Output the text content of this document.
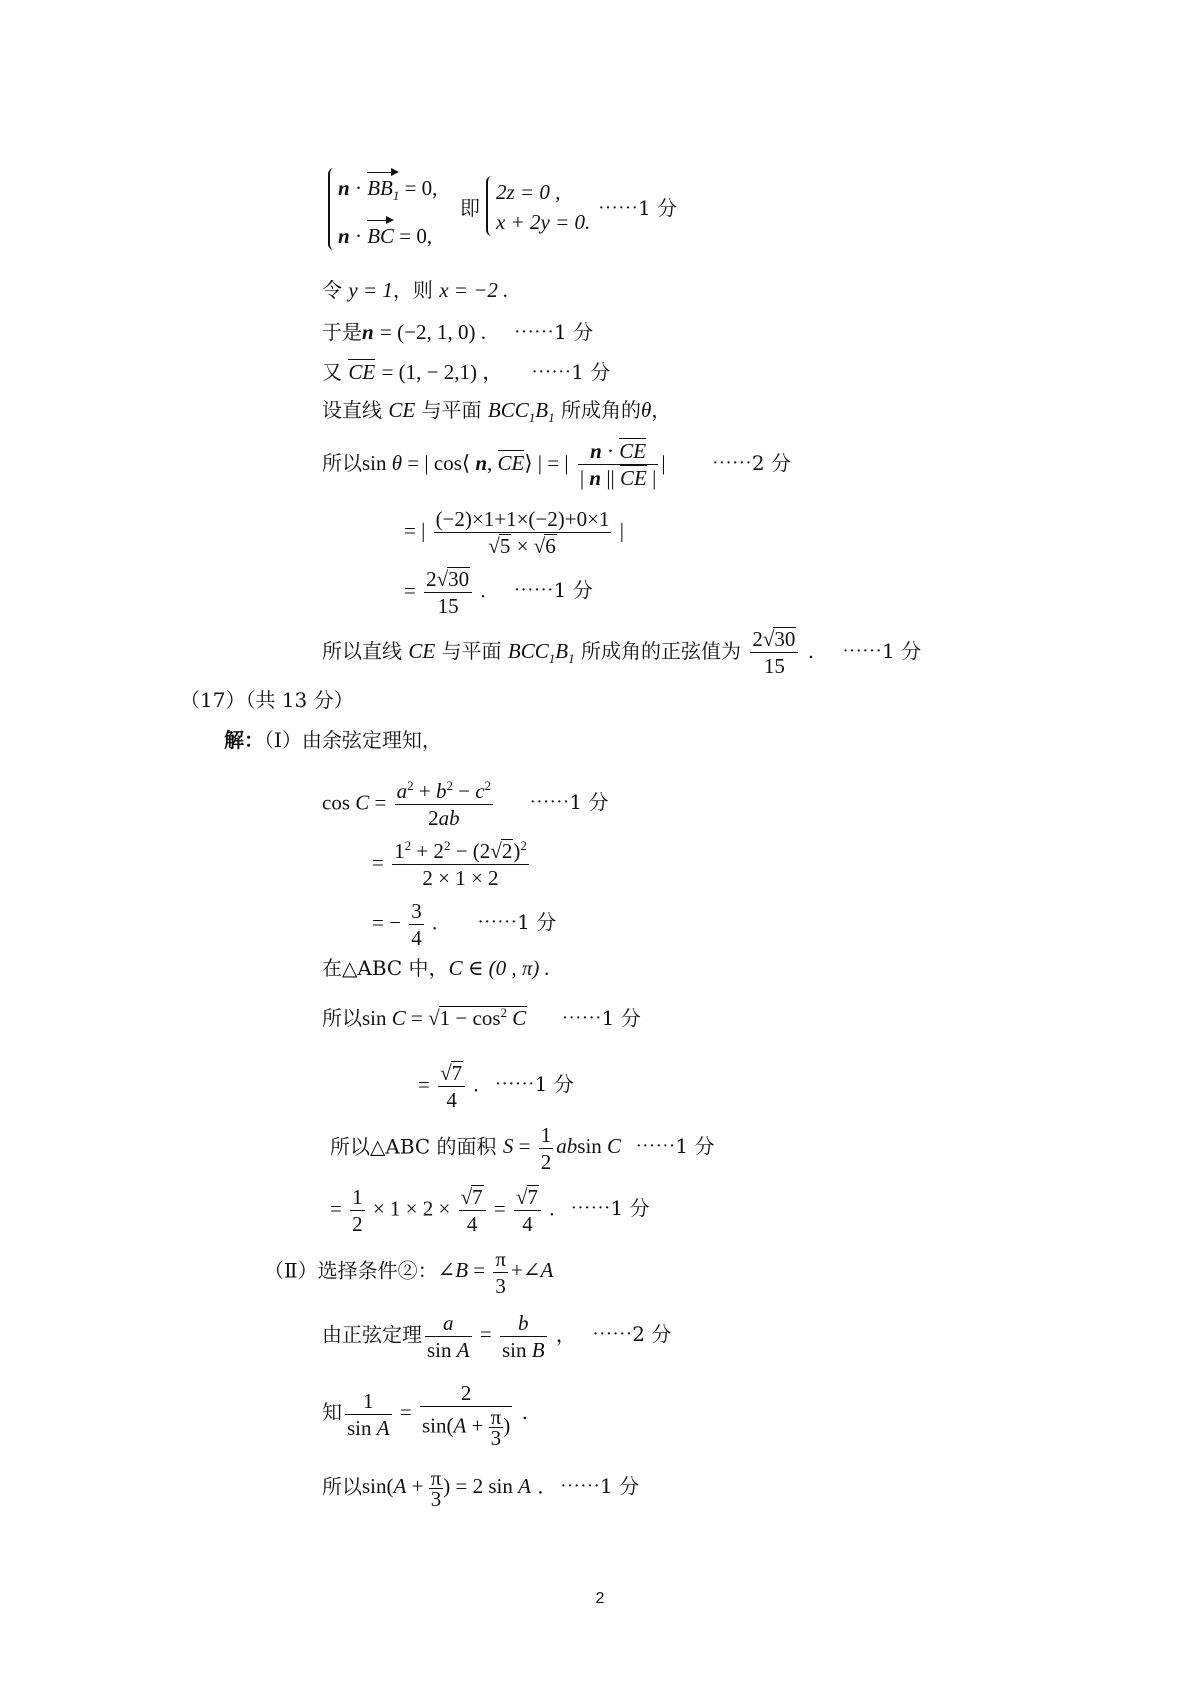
$n \cdot BB_1 = 0$,
n · BC = 0,
即
2z = 0 ,
x + 2y = 0.
⋯⋯1 分
令 y = 1，则 x = −2 .
于是n = (−2, 1, 0) . ⋯⋯1 分
又 CE = (1, − 2,1) ， ⋯⋯1 分
设直线 CE 与平面 $BCC_1B_1$ 所成角的θ，
所以sin θ = | cos⟨ n, CE⟩ | = | $\frac{n \cdot CE}{| n || CE |}$ | ⋯⋯2 分
= | $\frac{(-2)\times 1+1\times(-2)+0\times 1}{√5 \times √6}$ |
= $\frac{2√30}{15}$ . ⋯⋯1 分
所以直线 CE 与平面 $BCC_1B_1$ 所成角的正弦值为 $\frac{2√30}{15}$ . ⋯⋯1 分
（17）（共 13 分）
解：（Ⅰ）由余弦定理知，
$\cos C = \frac{a^2 + b^2 - c^2}{2ab}$ ⋯⋯1 分
= $\frac{1^2 + 2^2 - (2√2)^2}{2 \times 1 \times 2}$
= − $\frac{3}{4}$ . ⋯⋯1 分
在△ABC 中，C ∈ (0 , π) .
所以$\sin C = √1 - \cos^2 C$ ⋯⋯1 分
= $\frac{√7}{4}$ . ⋯⋯1 分
所以△ABC 的面积 $S = \frac{1}{2}$ absin C ⋯⋯1 分
= $\frac{1}{2} \times 1 \times 2 \times \frac{√7}{4} = \frac{√7}{4}$ . ⋯⋯1 分
（Ⅱ）选择条件②：∠B = $\frac{\pi}{3}$ +∠A
由正弦定理 $\frac{a}{\text{sin A}} = \frac{b}{\text{sin B}}$ ， ⋯⋯2 分
知 $\frac{1}{\text{sin A}} = \frac{2}{\sin(A + \frac{\pi}{3} )}$ .
所以$\sin(A + \frac{\pi}{3}$ ) = 2 sin A . ⋯⋯1 分
2
